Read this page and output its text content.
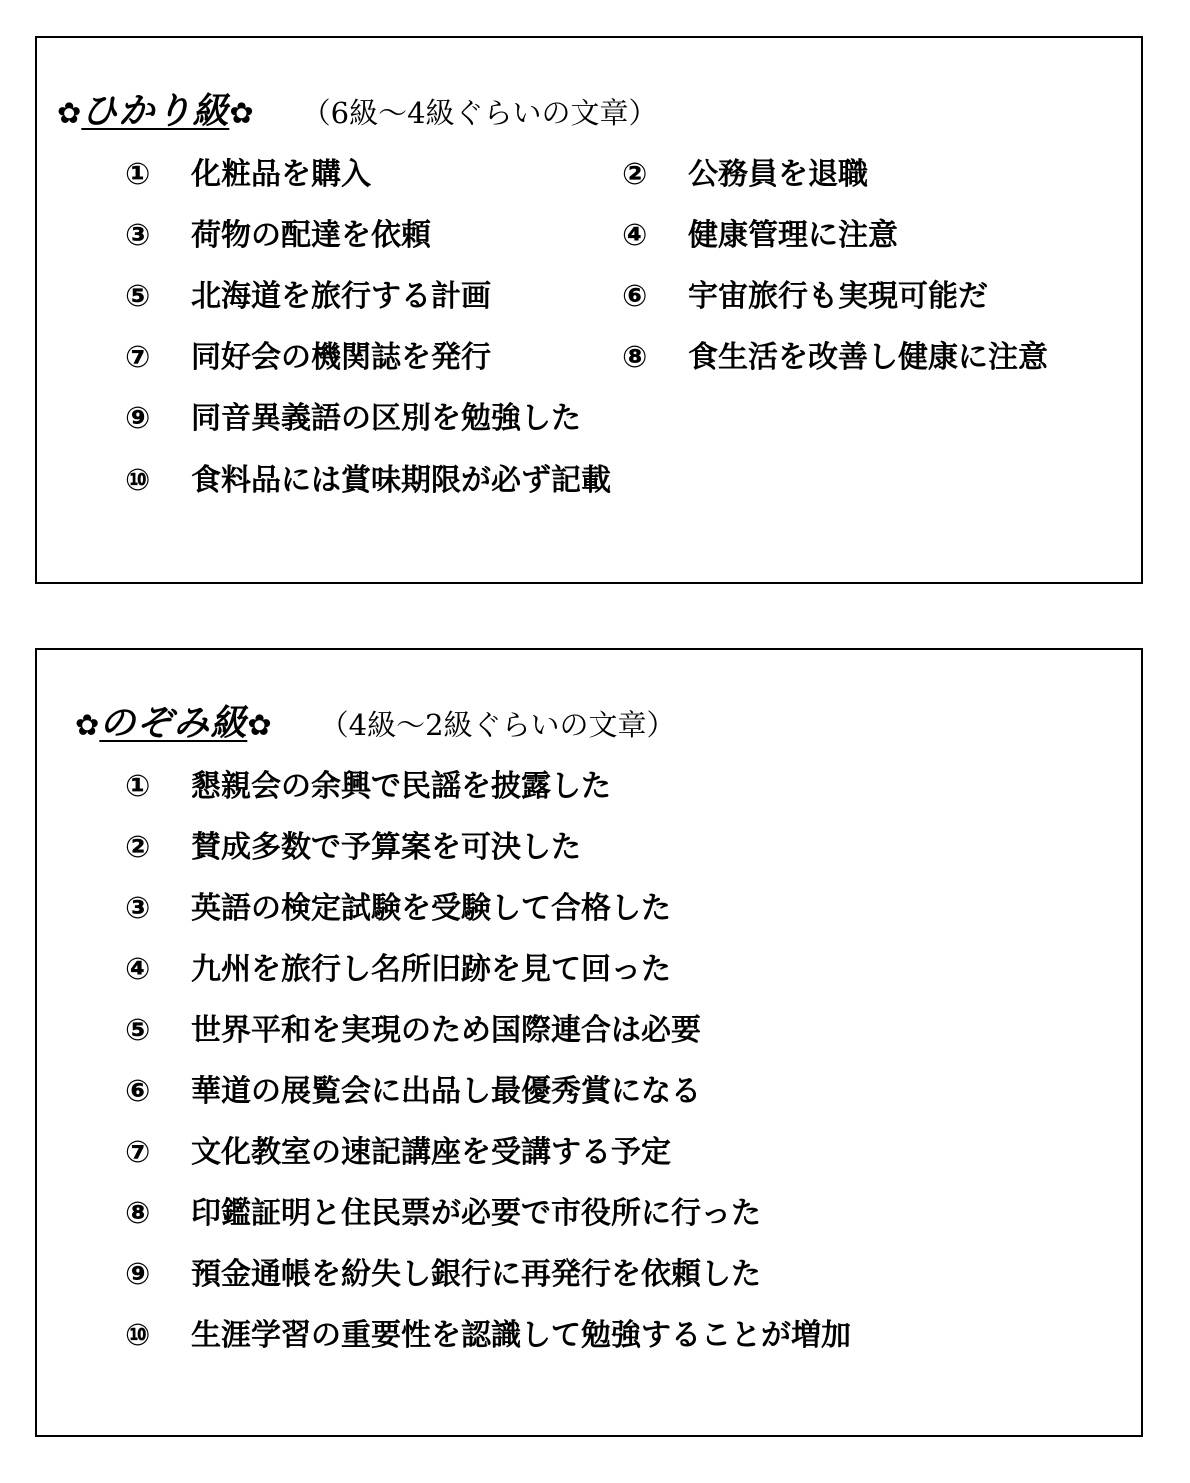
✿ ひかり級 ✿ （6級～4級ぐらいの文章）
①	化粧品を購入	②	公務員を退職
③	荷物の配達を依頼	④	健康管理に注意
⑤	北海道を旅行する計画	⑥	宇宙旅行も実現可能だ
⑦	同好会の機関誌を発行	⑧	食生活を改善し健康に注意
⑨	同音異義語の区別を勉強した
⑩	食料品には賞味期限が必ず記載
✿ のぞみ級 ✿ （4級～2級ぐらいの文章）
①	懇親会の余興で民謡を披露した
②	賛成多数で予算案を可決した
③	英語の検定試験を受験して合格した
④	九州を旅行し名所旧跡を見て回った
⑤	世界平和を実現のため国際連合は必要
⑥	華道の展覧会に出品し最優秀賞になる
⑦	文化教室の速記講座を受講する予定
⑧	印鑑証明と住民票が必要で市役所に行った
⑨	預金通帳を紛失し銀行に再発行を依頼した
⑩	生涯学習の重要性を認識して勉強することが増加
